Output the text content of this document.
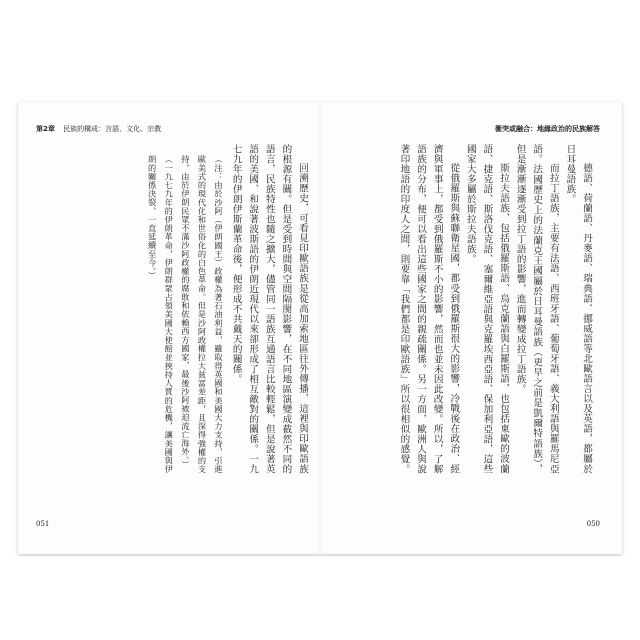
第2章 民族的構成：言語、文化、宗教	衝突或融合：地緣政治的民族解答

回溯歷史，可看見印歐語族是從高加索地區往外傳播，這裡與印歐語族的根源有關。但是受到時間與空間隔閡影響，在不同地區演變成截然不同的語言，民族特性也隨之擴大，儘管同一語族互通語言比較輕鬆，但是說著英語的美國、和說著波斯語的伊朗近現代以來卻形成了相互敵對的關係。一九七九年的伊朗伊斯蘭革命後，便形成不共戴天的關係。

（注：由於沙阿（伊朗國王）政權為著石油利益，雖取得英國和美國大力支持，引進歐美式的現代化和世俗化的白色革命。但是沙阿政權拉大貧富差距，且深得強權的支持，由於伊朗民眾不滿沙阿政權的腐敗和依賴西方國家，最後沙阿被迫流亡海外。）

（一九七九年的伊朗革命，伊朗群眾占領美國大使館並挾持人質的危機，讓美國與伊朗的關係決裂，一直延續至今。）	德語、荷蘭語、丹麥語、瑞典語、挪威語等北歐語言以及英語，都屬於日耳曼語族。

而拉丁語族，主要有法語、西班牙語、葡萄牙語、義大利語與羅馬尼亞語。法國歷史上的法蘭克王國屬於日耳曼語族（更早之前是凱爾特語族），但是漸漸逐漸受到拉丁語的影響，進而轉變成拉丁語族。

斯拉夫語族，包括俄羅斯語、烏克蘭語與白羅斯語，也包括東歐的波蘭語、捷克語、斯洛伐克語、塞爾維亞語與克羅埃西亞語、保加利亞語，這些國家大多屬於斯拉夫語族。

從俄羅斯與蘇聯衛星國，都受到俄羅斯很大的影響，冷戰後在政治、經濟與軍事上，都受到俄羅斯不小的影響，然而也並未因此改變。所以，了解語族的分布，便可以看出這些國家之間的親疏關係。另一方面，歐洲人與說著印地語的印度人之間，則要靠「我們都是印歐語族」所以很相似的感覺。

051	050
